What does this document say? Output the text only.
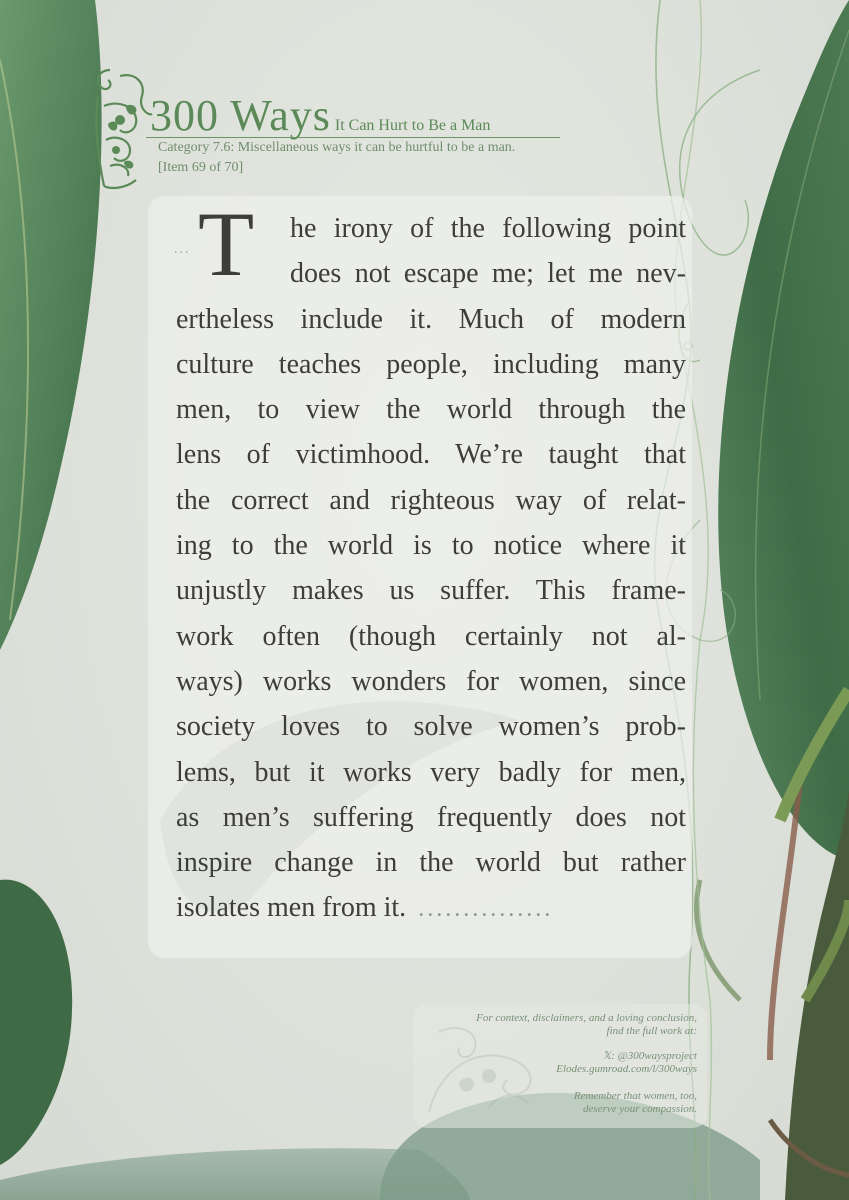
300 Ways It Can Hurt to Be a Man
Category 7.6: Miscellaneous ways it can be hurtful to be a man.
[Item 69 of 70]
... T	he irony of the following point
does not escape me; let me nev-
ertheless include it. Much of modern
culture teaches people, including many
men, to view the world through the
lens of victimhood. We’re taught that
the correct and righteous way of relat-
ing to the world is to notice where it
unjustly makes us suffer. This frame-
work often (though certainly not al-
ways) works wonders for women, since
society loves to solve women’s prob-
lems, but it works very badly for men,
as men’s suffering frequently does not
inspire change in the world but rather
isolates men from it. ...............
For context, disclaimers, and a loving conclusion,
find the full work at:
𝕏: @300waysproject
Elodes.gumroad.com/l/300ways
Remember that women, too,
deserve your compassion.
